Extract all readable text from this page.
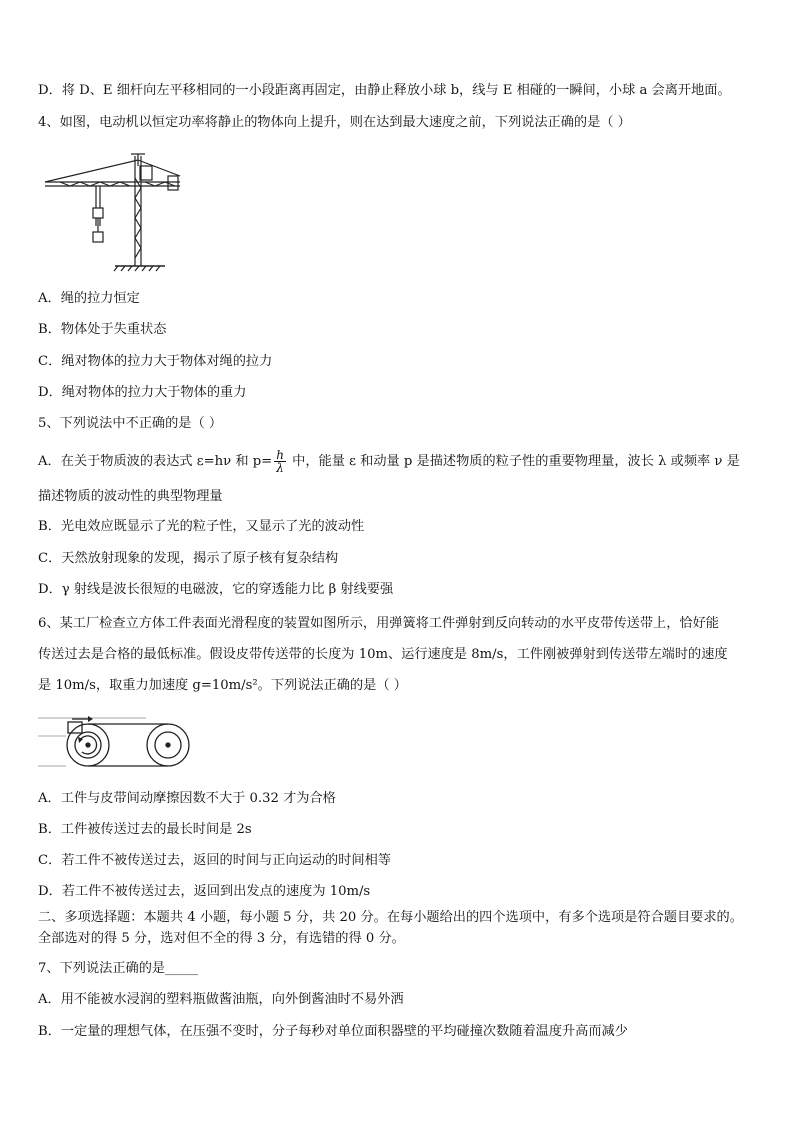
D．将 D、E 细杆向左平移相同的一小段距离再固定，由静止释放小球 b，线与 E 相碰的一瞬间，小球 a 会离开地面。
4、如图，电动机以恒定功率将静止的物体向上提升，则在达到最大速度之前，下列说法正确的是（ ）
A．绳的拉力恒定
B．物体处于失重状态
C．绳对物体的拉力大于物体对绳的拉力
D．绳对物体的拉力大于物体的重力
5、下列说法中不正确的是（ ）
A．在关于物质波的表达式 ε=hν 和 $p= \frac{h}{\lambda}$ 中，能量 ε 和动量 p 是描述物质的粒子性的重要物理量，波长 λ 或频率 ν 是
描述物质的波动性的典型物理量
B．光电效应既显示了光的粒子性，又显示了光的波动性
C．天然放射现象的发现，揭示了原子核有复杂结构
D．γ 射线是波长很短的电磁波，它的穿透能力比 β 射线要强
6、某工厂检查立方体工件表面光滑程度的装置如图所示，用弹簧将工件弹射到反向转动的水平皮带传送带上，恰好能
传送过去是合格的最低标准。假设皮带传送带的长度为 10m、运行速度是 8m/s，工件刚被弹射到传送带左端时的速度
是 10m/s，取重力加速度 g=10m/s²。下列说法正确的是（ ）
A．工件与皮带间动摩擦因数不大于 0.32 才为合格
B．工件被传送过去的最长时间是 2s
C．若工件不被传送过去，返回的时间与正向运动的时间相等
D．若工件不被传送过去，返回到出发点的速度为 10m/s
二、多项选择题：本题共 4 小题，每小题 5 分，共 20 分。在每小题给出的四个选项中，有多个选项是符合题目要求的。
全部选对的得 5 分，选对但不全的得 3 分，有选错的得 0 分。
7、下列说法正确的是_____
A．用不能被水浸润的塑料瓶做酱油瓶，向外倒酱油时不易外洒
B．一定量的理想气体，在压强不变时，分子每秒对单位面积器壁的平均碰撞次数随着温度升高而减少
